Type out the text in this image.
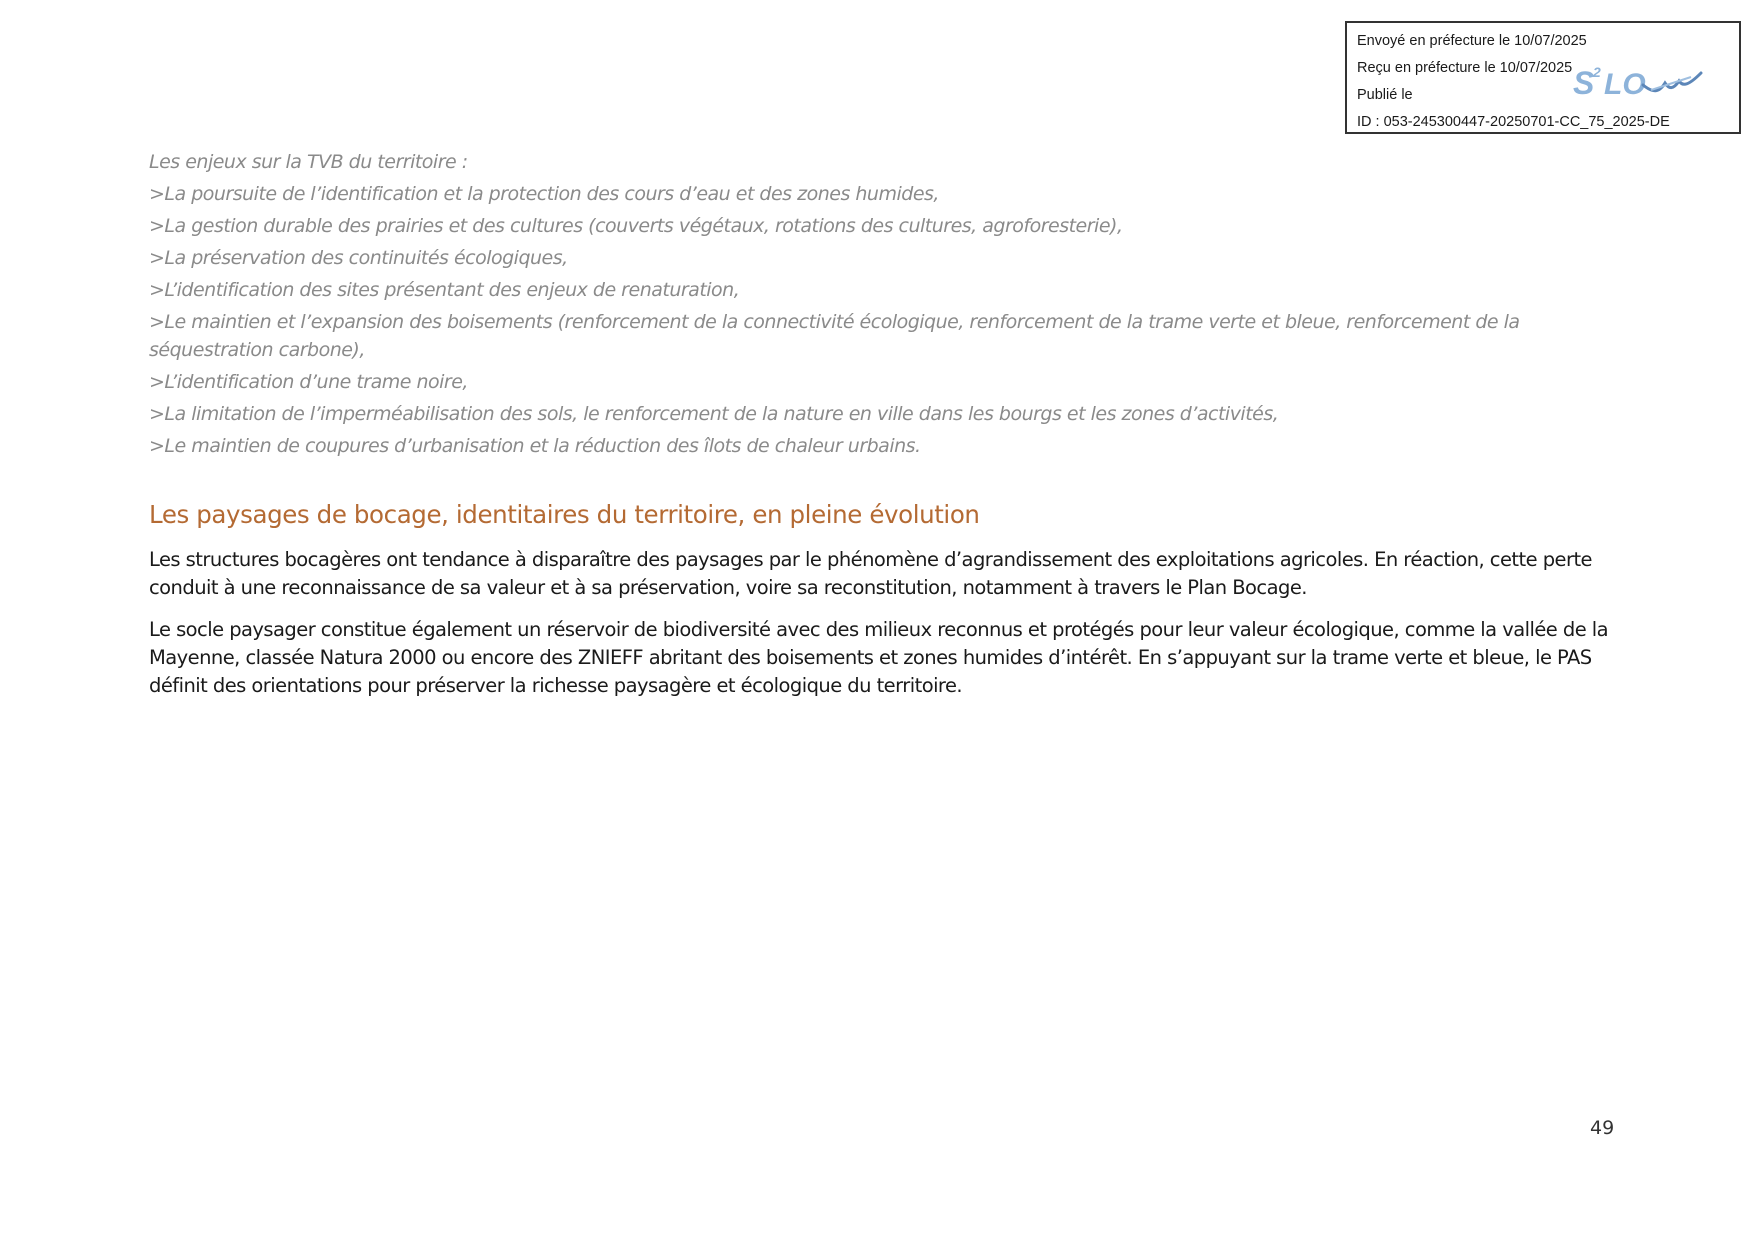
Envoyé en préfecture le 10/07/2025
Reçu en préfecture le 10/07/2025
Publié le
ID : 053-245300447-20250701-CC_75_2025-DE
S
2 LO
Les enjeux sur la TVB du territoire :
>La poursuite de l’identification et la protection des cours d’eau et des zones humides,
>La gestion durable des prairies et des cultures (couverts végétaux, rotations des cultures, agroforesterie),
>La préservation des continuités écologiques,
>L’identification des sites présentant des enjeux de renaturation,
>Le maintien et l’expansion des boisements (renforcement de la connectivité écologique, renforcement de la trame verte et bleue, renforcement de la séquestration carbone),
>L’identification d’une trame noire,
>La limitation de l’imperméabilisation des sols, le renforcement de la nature en ville dans les bourgs et les zones d’activités,
>Le maintien de coupures d’urbanisation et la réduction des îlots de chaleur urbains.
Les paysages de bocage, identitaires du territoire, en pleine évolution
Les structures bocagères ont tendance à disparaître des paysages par le phénomène d’agrandissement des exploitations agricoles. En réaction, cette perte conduit à une reconnaissance de sa valeur et à sa préservation, voire sa reconstitution, notamment à travers le Plan Bocage.
Le socle paysager constitue également un réservoir de biodiversité avec des milieux reconnus et protégés pour leur valeur écologique, comme la vallée de la Mayenne, classée Natura 2000 ou encore des ZNIEFF abritant des boisements et zones humides d’intérêt. En s’appuyant sur la trame verte et bleue, le PAS définit des orientations pour préserver la richesse paysagère et écologique du territoire.
49
